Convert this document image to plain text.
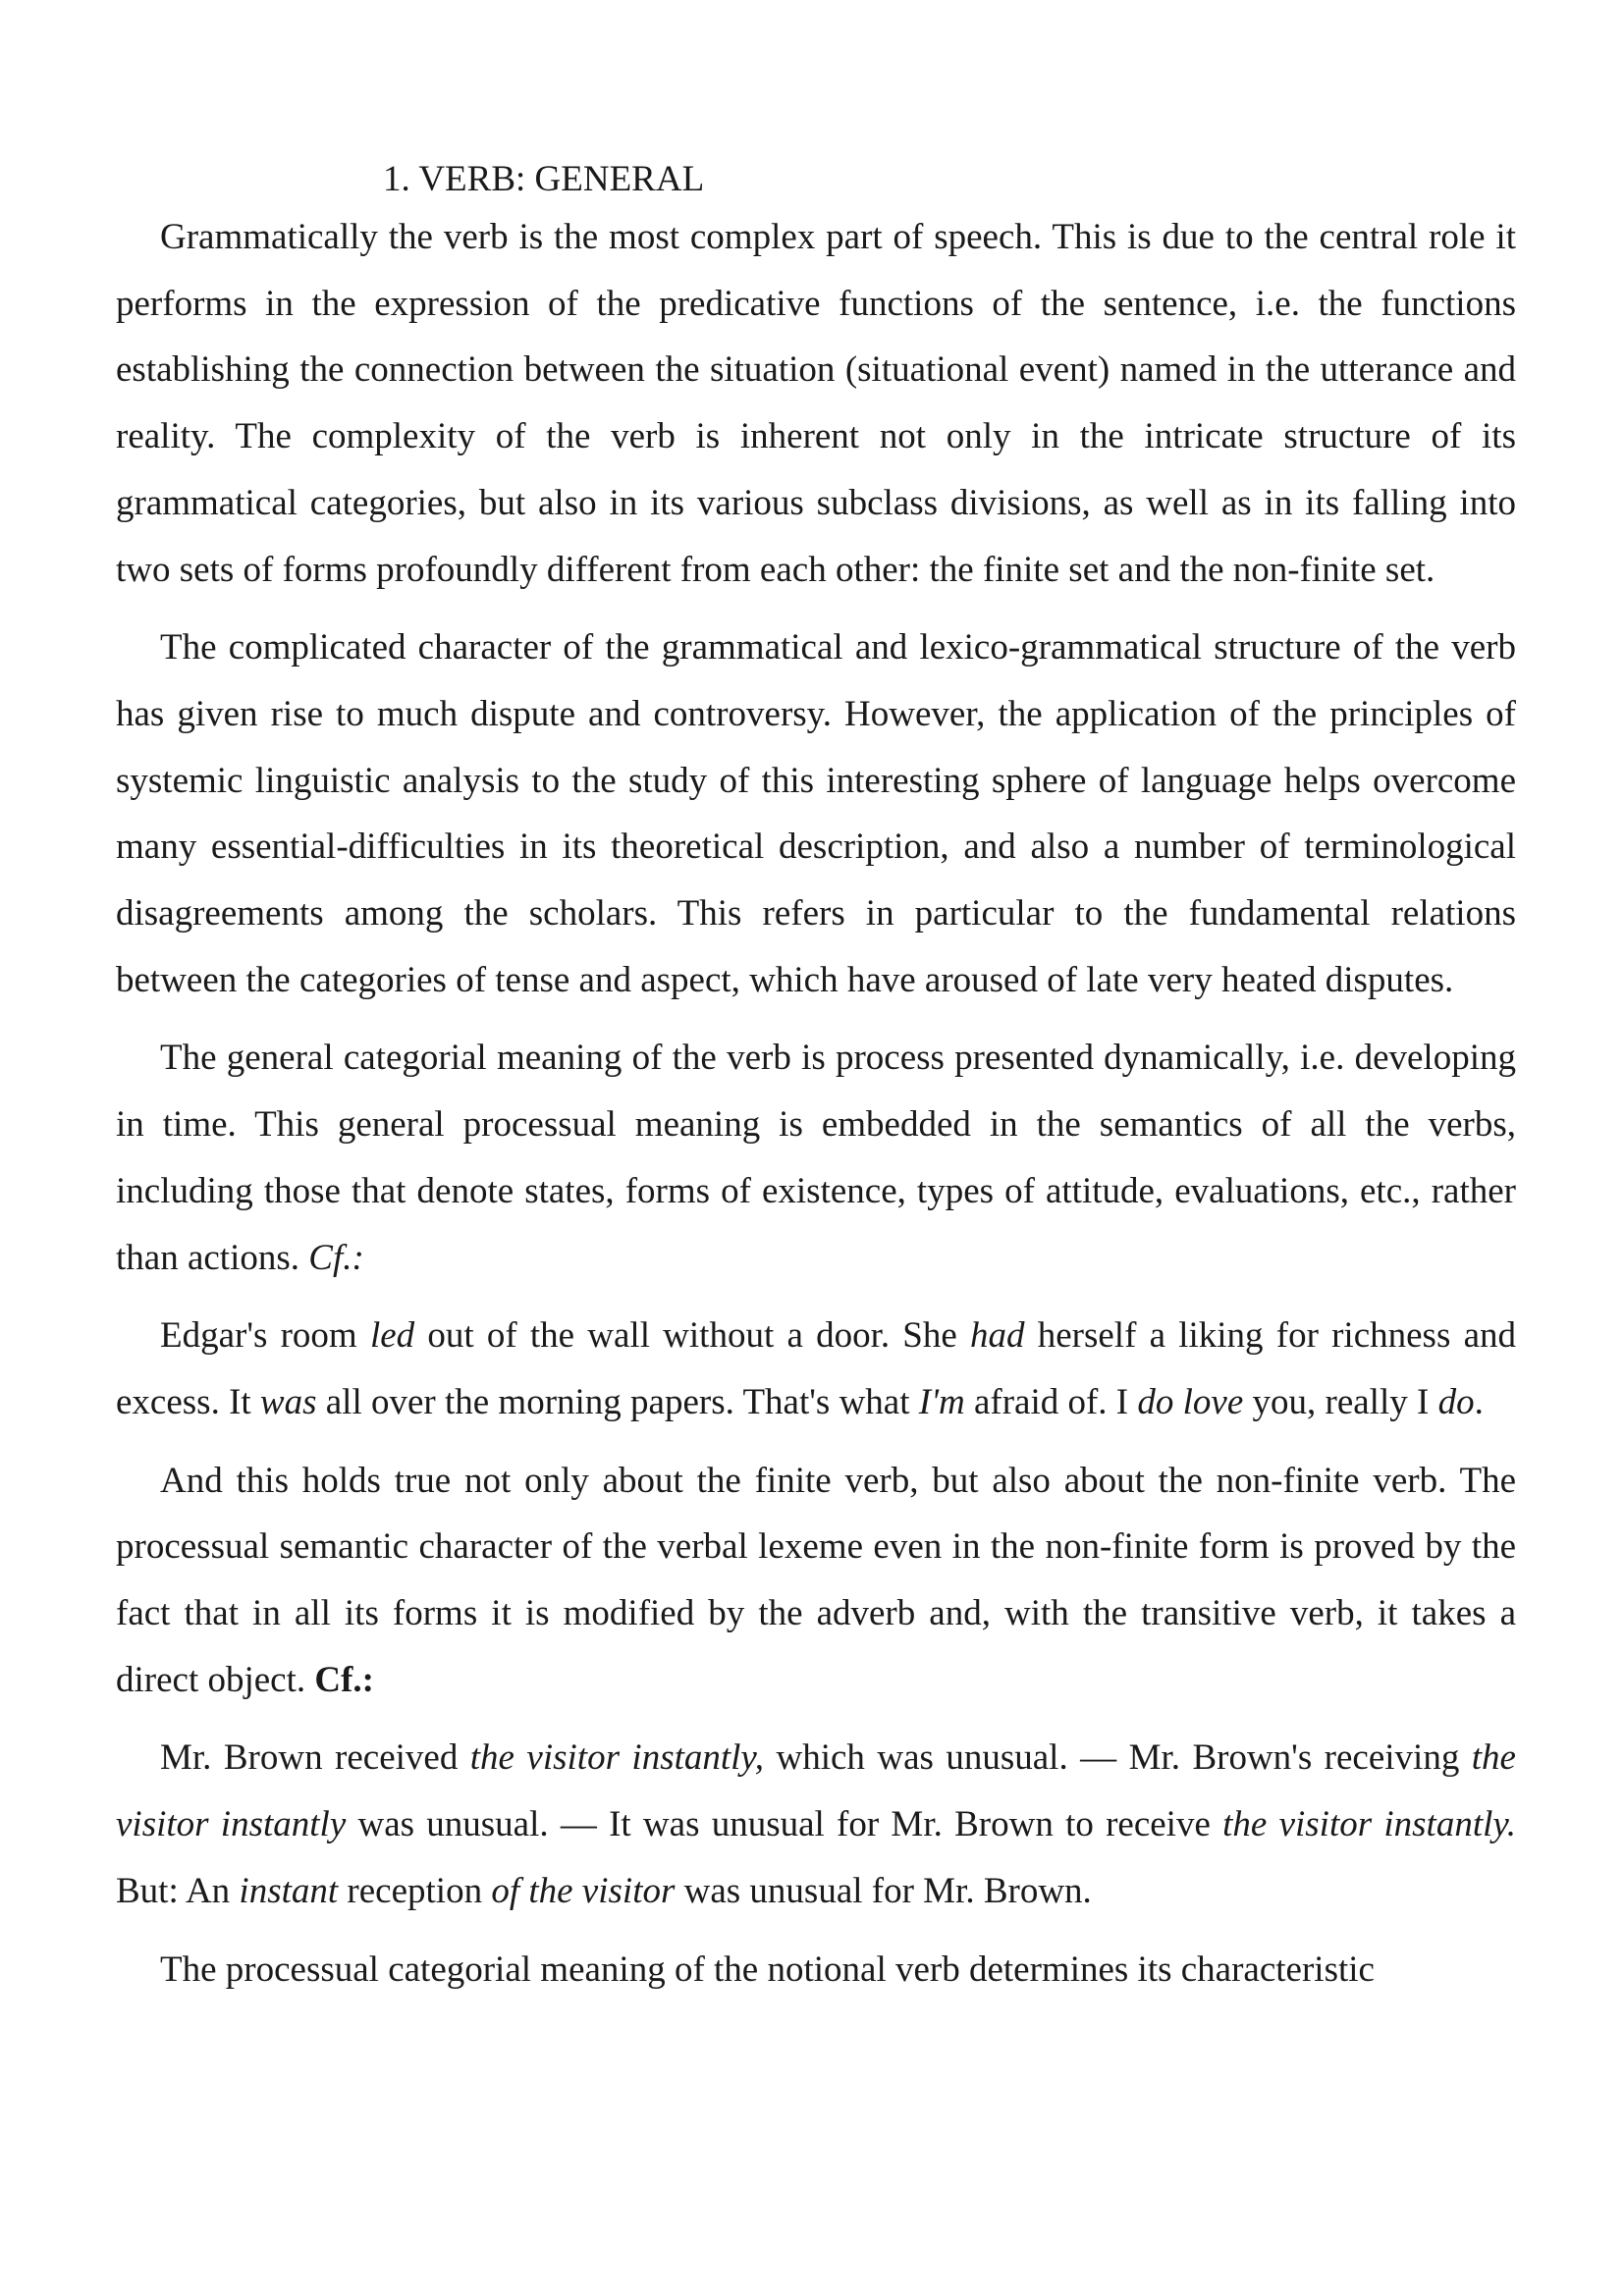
1. VERB: GENERAL

Grammatically the verb is the most complex part of speech. This is due to the central role it performs in the expression of the predicative functions of the sentence, i.e. the functions establishing the connection between the situation (situational event) named in the utterance and reality. The complexity of the verb is inherent not only in the intricate structure of its grammatical categories, but also in its various subclass divisions, as well as in its falling into two sets of forms profoundly different from each other: the finite set and the non-finite set.

The complicated character of the grammatical and lexico-grammatical structure of the verb has given rise to much dispute and controversy. However, the application of the principles of systemic linguistic analysis to the study of this interesting sphere of language helps overcome many essential-difficulties in its theoretical description, and also a number of terminological disagreements among the scholars. This refers in particular to the fundamental relations between the categories of tense and aspect, which have aroused of late very heated disputes.

The general categorial meaning of the verb is process presented dynamically, i.e. developing in time. This general processual meaning is embedded in the semantics of all the verbs, including those that denote states, forms of existence, types of attitude, evaluations, etc., rather than actions. Cf.:

Edgar's room led out of the wall without a door. She had herself a liking for richness and excess. It was all over the morning papers. That's what I'm afraid of. I do love you, really I do.

And this holds true not only about the finite verb, but also about the non-finite verb. The processual semantic character of the verbal lexeme even in the non-finite form is proved by the fact that in all its forms it is modified by the adverb and, with the transitive verb, it takes a direct object. Cf.:

Mr. Brown received the visitor instantly, which was unusual. — Mr. Brown's receiving the visitor instantly was unusual. — It was unusual for Mr. Brown to receive the visitor instantly. But: An instant reception of the visitor was unusual for Mr. Brown.

The processual categorial meaning of the notional verb determines its characteristic
